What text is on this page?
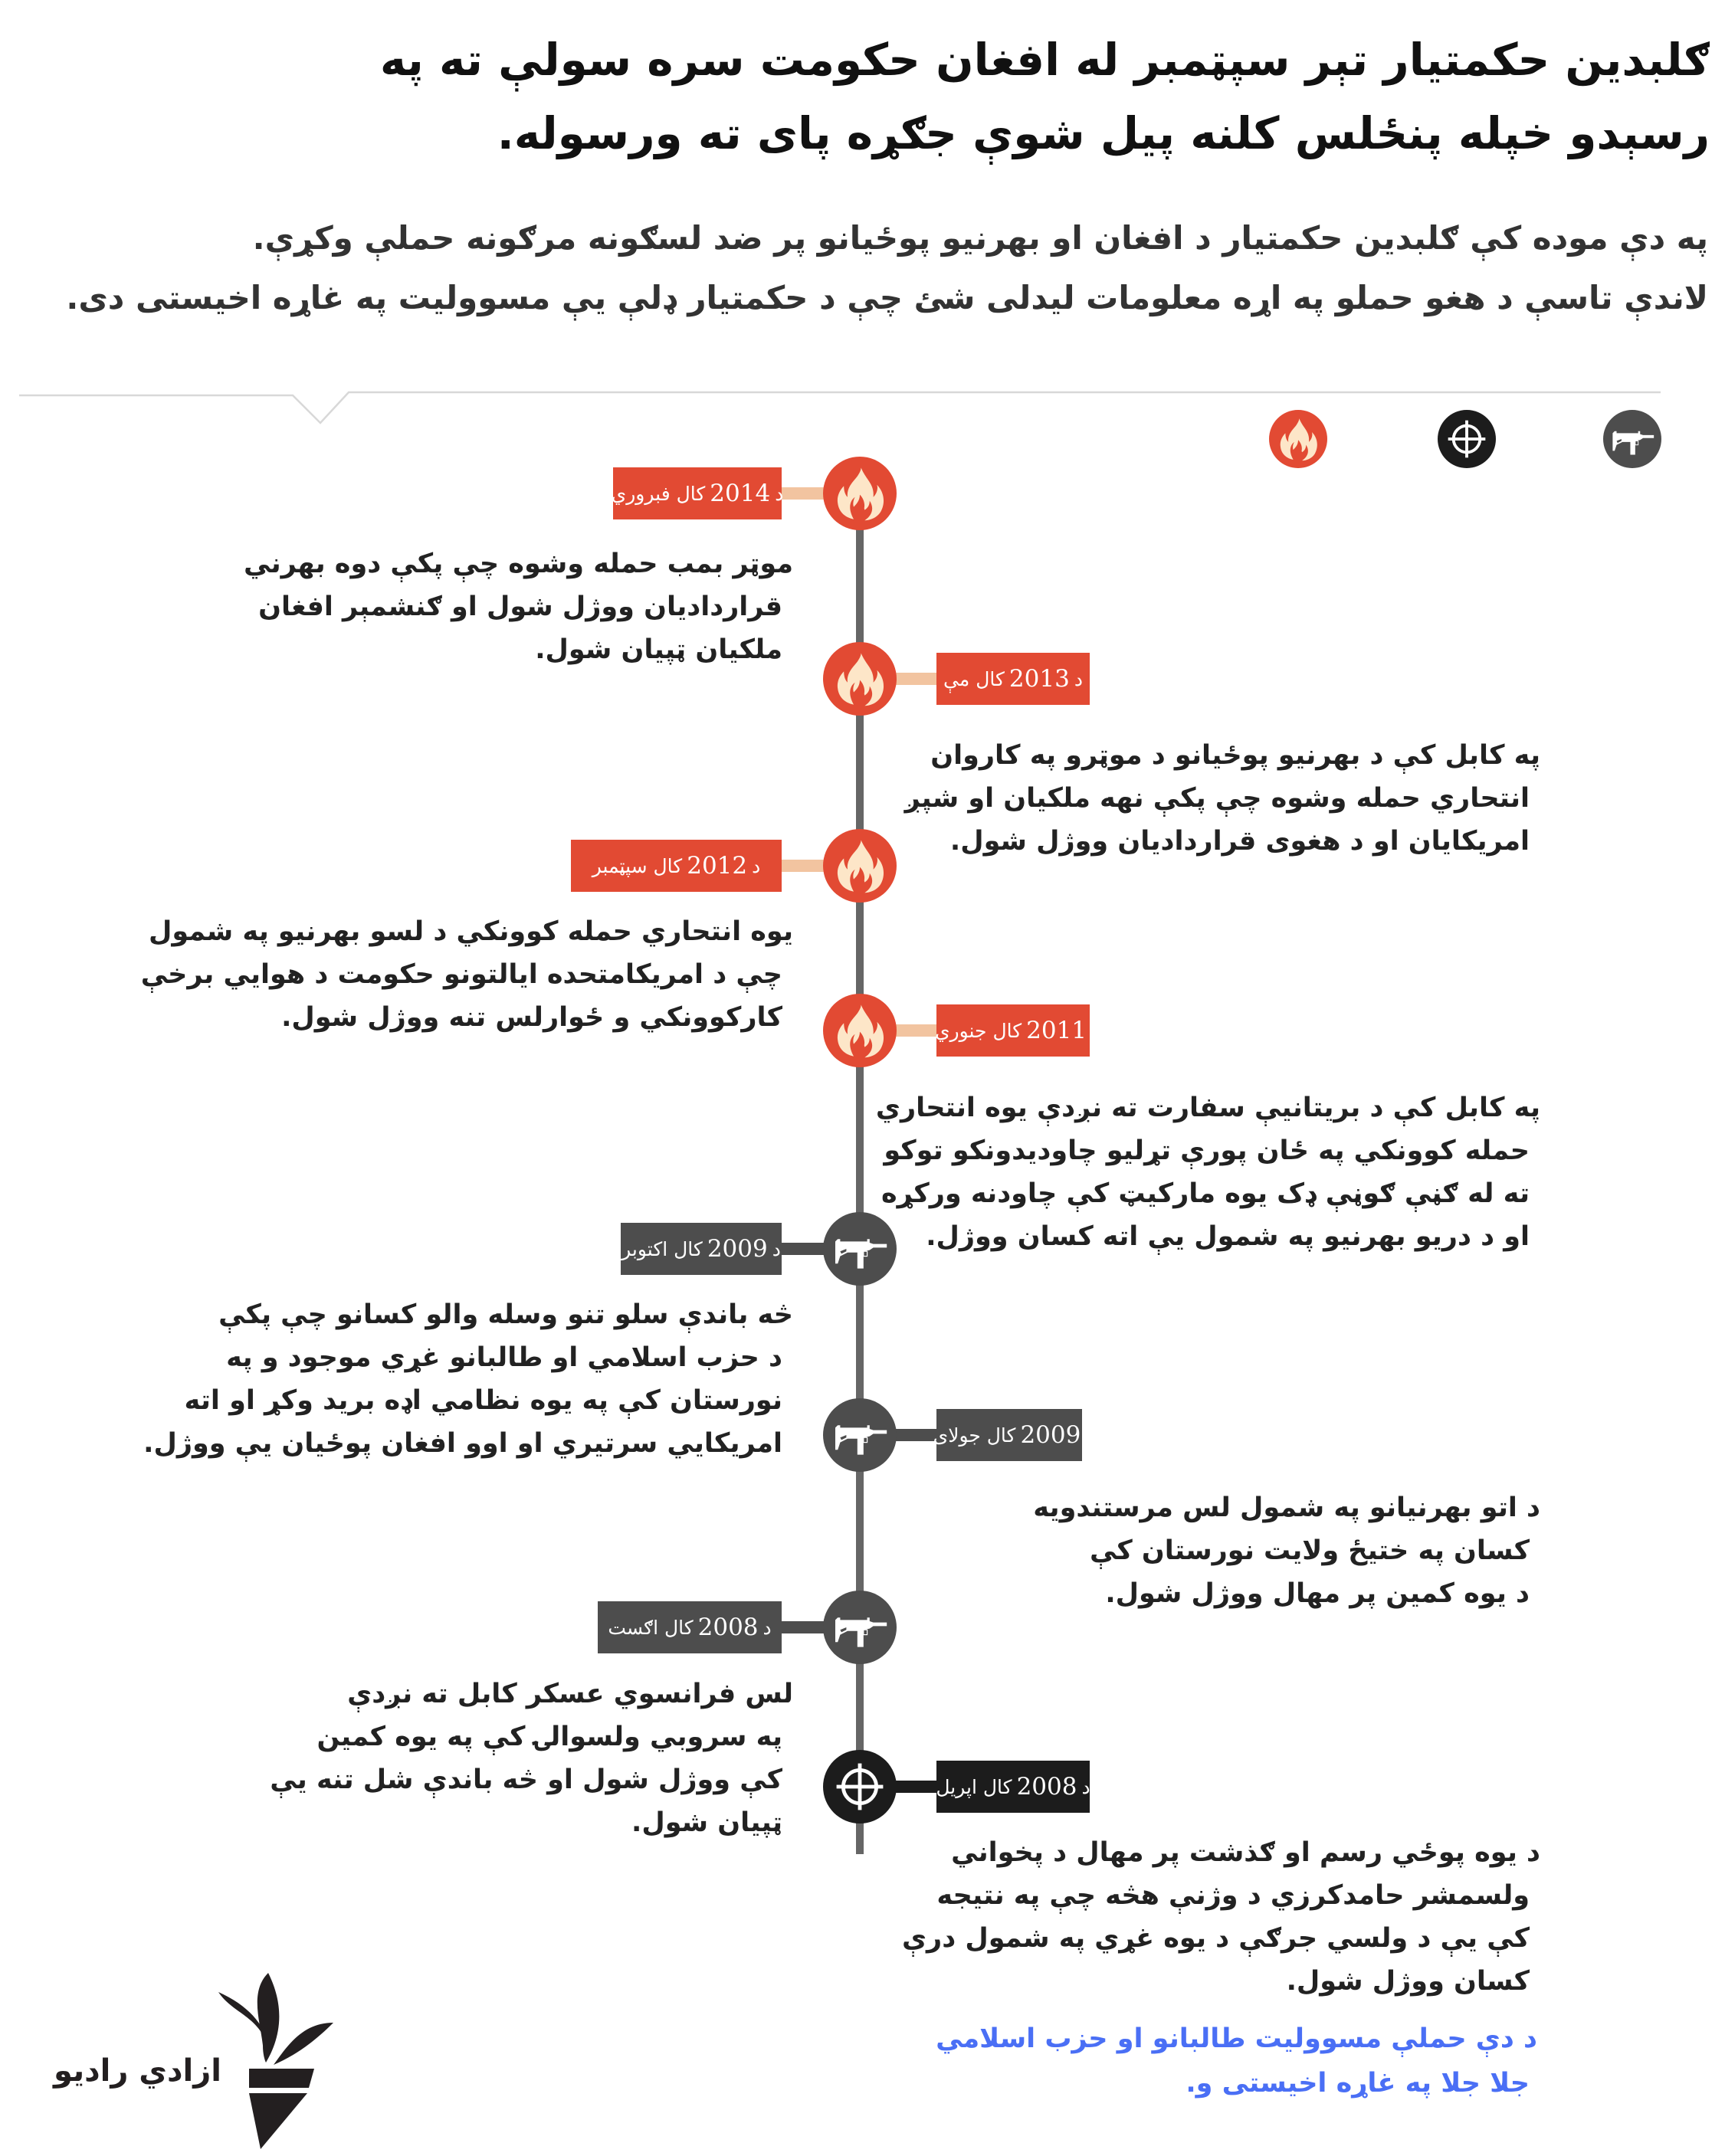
ګلبدین حکمتیار تېر سپټمبر له افغان حکومت سره سولې ته په
رسېدو خپله پنځلس کلنه پیل شوې جګړه پای ته ورسوله.
په دې موده کې ګلبدین حکمتیار د افغان او بهرنیو پوځیانو پر ضد لسګونه مرګونه حملې وکړې.
لاندې تاسې د هغو حملو په اړه معلومات لیدلی شئ چې د حکمتیار ډلې یې مسوولیت په غاړه اخیستی دی.
د
2014
کال فبروري
موټر بمب حمله وشوه چې پکې دوه بهرني
قرارداديان ووژل شول او ګنشمېر افغان
ملکیان ټپیان شول.
د
2013
کال مې
په کابل کې د بهرنیو پوځیانو د موټرو په کاروان
انتحاري حمله وشوه چې پکې نهه ملکیان او شپږ
امریکایان او د هغوی قرارداديان ووژل شول.
د
2012
کال سپټمبر
یوه انتحاري حمله کوونکي د لسو بهرنیو په شمول
چې د امریکامتحده ایالتونو حکومت د هوایي برخې
کارکوونکي و ځوارلس تنه ووژل شول.	2011
کال جنوري
په کابل کې د بریتانیې سفارت ته نږدې یوه انتحاري
حمله کوونکي په ځان پورې تړلیو چاودیدونکو توکو
ته له ګڼې ګوڼې ډک یوه مارکیټ کې چاودنه ورکړه
او د دریو بهرنیو په شمول یې اته کسان ووژل.
د
2009
کال اکتوبر
څه باندې سلو تنو وسله والو کسانو چې پکې
د حزب اسلامي او طالبانو غړي موجود و په
نورستان کې په یوه نظامي اډه برید وکړ او اته
امریکایي سرتیري او اوو افغان پوځیان یې ووژل.	2009
کال جولای
د اتو بهرنیانو په شمول لس مرستندویه
کسان په ختیځ ولایت نورستان کې
د یوه کمین پر مهال ووژل شول.
د
2008
کال اګست
لس فرانسوي عسکر کابل ته نږدې
په سروبي ولسوالۍ کې په یوه کمین
کې ووژل شول او څه باندې شل تنه یې
ټپیان شول.
د
2008
کال اپریل
د یوه پوځي رسم او ګذشت پر مهال د پخواني
ولسمشر حامدکرزي د وژنې هڅه چې په نتیجه
کې یې د ولسي جرګې د یوه غړي په شمول درې
کسان ووژل شول.
د دې حملې مسوولیت طالبانو او حزب اسلامي
جلا جلا په غاړه اخیستی و.
ازادي راديو
